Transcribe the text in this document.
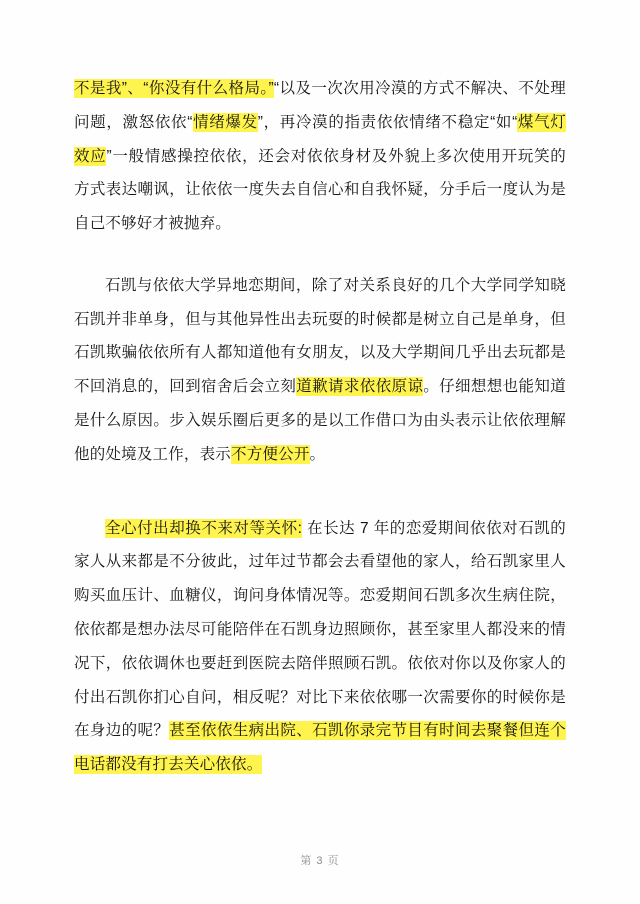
不是我”、“你没有什么格局。”“以及一次次用冷漠的方式不解决、不处理问题，激怒依依“情绪爆发”，再冷漠的指责依依情绪不稳定“如“煤气灯效应”一般情感操控依依，还会对依依身材及外貌上多次使用开玩笑的方式表达嘲讽，让依依一度失去自信心和自我怀疑，分手后一度认为是自己不够好才被抛弃。

石凯与依依大学异地恋期间，除了对关系良好的几个大学同学知晓石凯并非单身，但与其他异性出去玩耍的时候都是树立自己是单身，但石凯欺骗依依所有人都知道他有女朋友，以及大学期间几乎出去玩都是不回消息的，回到宿舍后会立刻道歉请求依依原谅。仔细想想也能知道是什么原因。步入娱乐圈后更多的是以工作借口为由头表示让依依理解他的处境及工作，表示不方便公开。

全心付出却换不来对等关怀: 在长达 7 年的恋爱期间依依对石凯的家人从来都是不分彼此，过年过节都会去看望他的家人，给石凯家里人购买血压计、血糖仪，询问身体情况等。恋爱期间石凯多次生病住院，依依都是想办法尽可能陪伴在石凯身边照顾你，甚至家里人都没来的情况下，依依调休也要赶到医院去陪伴照顾石凯。依依对你以及你家人的付出石凯你扪心自问，相反呢？对比下来依依哪一次需要你的时候你是在身边的呢？甚至依依生病出院、石凯你录完节目有时间去聚餐但连个电话都没有打去关心依依。

第 3 页
